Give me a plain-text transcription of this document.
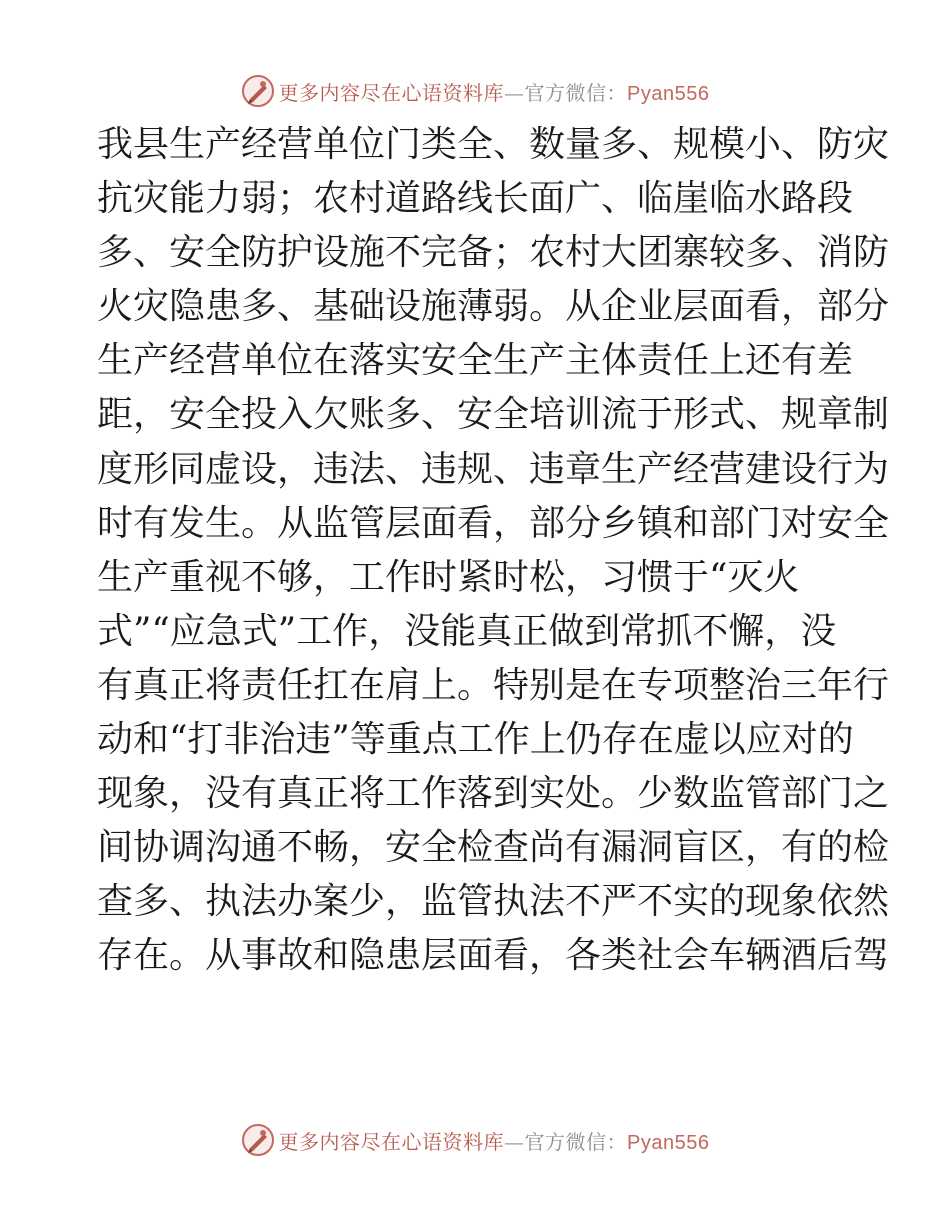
更多内容尽在心语资料库—官方微信：Pyan556
我县生产经营单位门类全、数量多、规模小、防灾
抗灾能力弱；农村道路线长面广、临崖临水路段
多、安全防护设施不完备；农村大团寨较多、消防
火灾隐患多、基础设施薄弱。从企业层面看，部分
生产经营单位在落实安全生产主体责任上还有差
距，安全投入欠账多、安全培训流于形式、规章制
度形同虚设，违法、违规、违章生产经营建设行为
时有发生。从监管层面看，部分乡镇和部门对安全
生产重视不够，工作时紧时松，习惯于“灭火
式”“应急式”工作，没能真正做到常抓不懈，没
有真正将责任扛在肩上。特别是在专项整治三年行
动和“打非治违”等重点工作上仍存在虚以应对的
现象，没有真正将工作落到实处。少数监管部门之
间协调沟通不畅，安全检查尚有漏洞盲区，有的检
查多、执法办案少，监管执法不严不实的现象依然
存在。从事故和隐患层面看，各类社会车辆酒后驾
更多内容尽在心语资料库—官方微信：Pyan556
